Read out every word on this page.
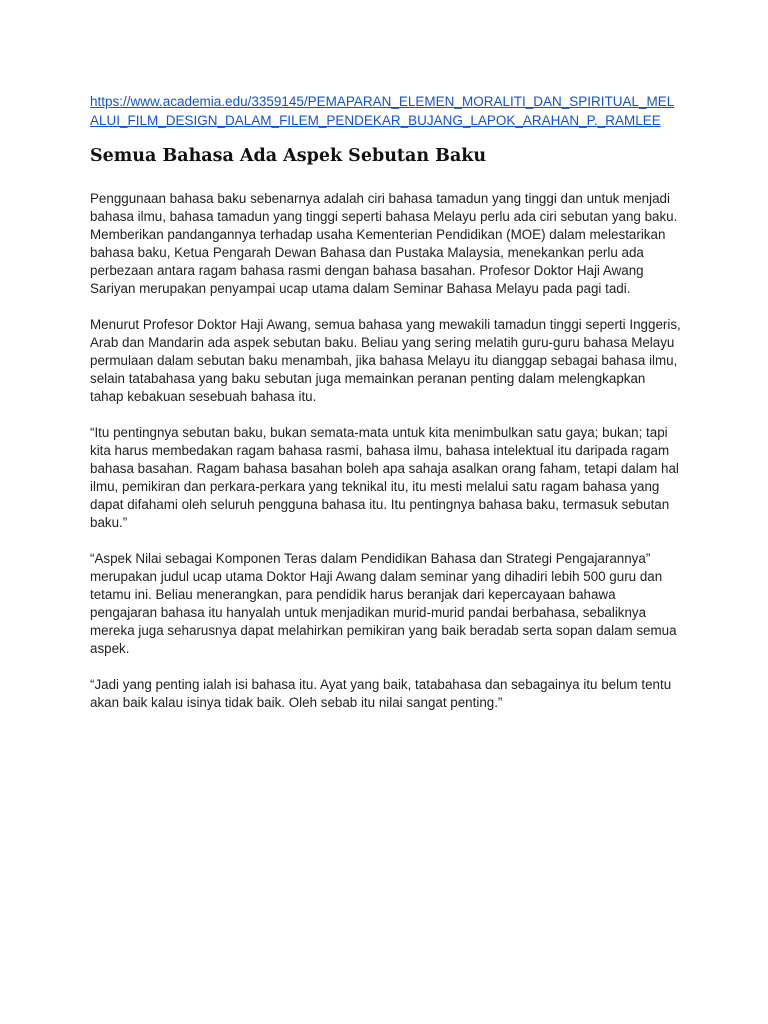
https://www.academia.edu/3359145/PEMAPARAN_ELEMEN_MORALITI_DAN_SPIRITUAL_MELALUI_FILM_DESIGN_DALAM_FILEM_PENDEKAR_BUJANG_LAPOK_ARAHAN_P._RAMLEE
Semua Bahasa Ada Aspek Sebutan Baku

Penggunaan bahasa baku sebenarnya adalah ciri bahasa tamadun yang tinggi dan untuk menjadi bahasa ilmu, bahasa tamadun yang tinggi seperti bahasa Melayu perlu ada ciri sebutan yang baku. Memberikan pandangannya terhadap usaha Kementerian Pendidikan (MOE) dalam melestarikan bahasa baku, Ketua Pengarah Dewan Bahasa dan Pustaka Malaysia, menekankan perlu ada perbezaan antara ragam bahasa rasmi dengan bahasa basahan. Profesor Doktor Haji Awang Sariyan merupakan penyampai ucap utama dalam Seminar Bahasa Melayu pada pagi tadi.

Menurut Profesor Doktor Haji Awang, semua bahasa yang mewakili tamadun tinggi seperti Inggeris, Arab dan Mandarin ada aspek sebutan baku. Beliau yang sering melatih guru-guru bahasa Melayu permulaan dalam sebutan baku menambah, jika bahasa Melayu itu dianggap sebagai bahasa ilmu, selain tatabahasa yang baku sebutan juga memainkan peranan penting dalam melengkapkan tahap kebakuan sesebuah bahasa itu.

“Itu pentingnya sebutan baku, bukan semata-mata untuk kita menimbulkan satu gaya; bukan; tapi kita harus membedakan ragam bahasa rasmi, bahasa ilmu, bahasa intelektual itu daripada ragam bahasa basahan. Ragam bahasa basahan boleh apa sahaja asalkan orang faham, tetapi dalam hal ilmu, pemikiran dan perkara-perkara yang teknikal itu, itu mesti melalui satu ragam bahasa yang dapat difahami oleh seluruh pengguna bahasa itu. Itu pentingnya bahasa baku, termasuk sebutan baku.”

“Aspek Nilai sebagai Komponen Teras dalam Pendidikan Bahasa dan Strategi Pengajarannya” merupakan judul ucap utama Doktor Haji Awang dalam seminar yang dihadiri lebih 500 guru dan tetamu ini. Beliau menerangkan, para pendidik harus beranjak dari kepercayaan bahawa pengajaran bahasa itu hanyalah untuk menjadikan murid-murid pandai berbahasa, sebaliknya mereka juga seharusnya dapat melahirkan pemikiran yang baik beradab serta sopan dalam semua aspek.

“Jadi yang penting ialah isi bahasa itu. Ayat yang baik, tatabahasa dan sebagainya itu belum tentu akan baik kalau isinya tidak baik. Oleh sebab itu nilai sangat penting.”
